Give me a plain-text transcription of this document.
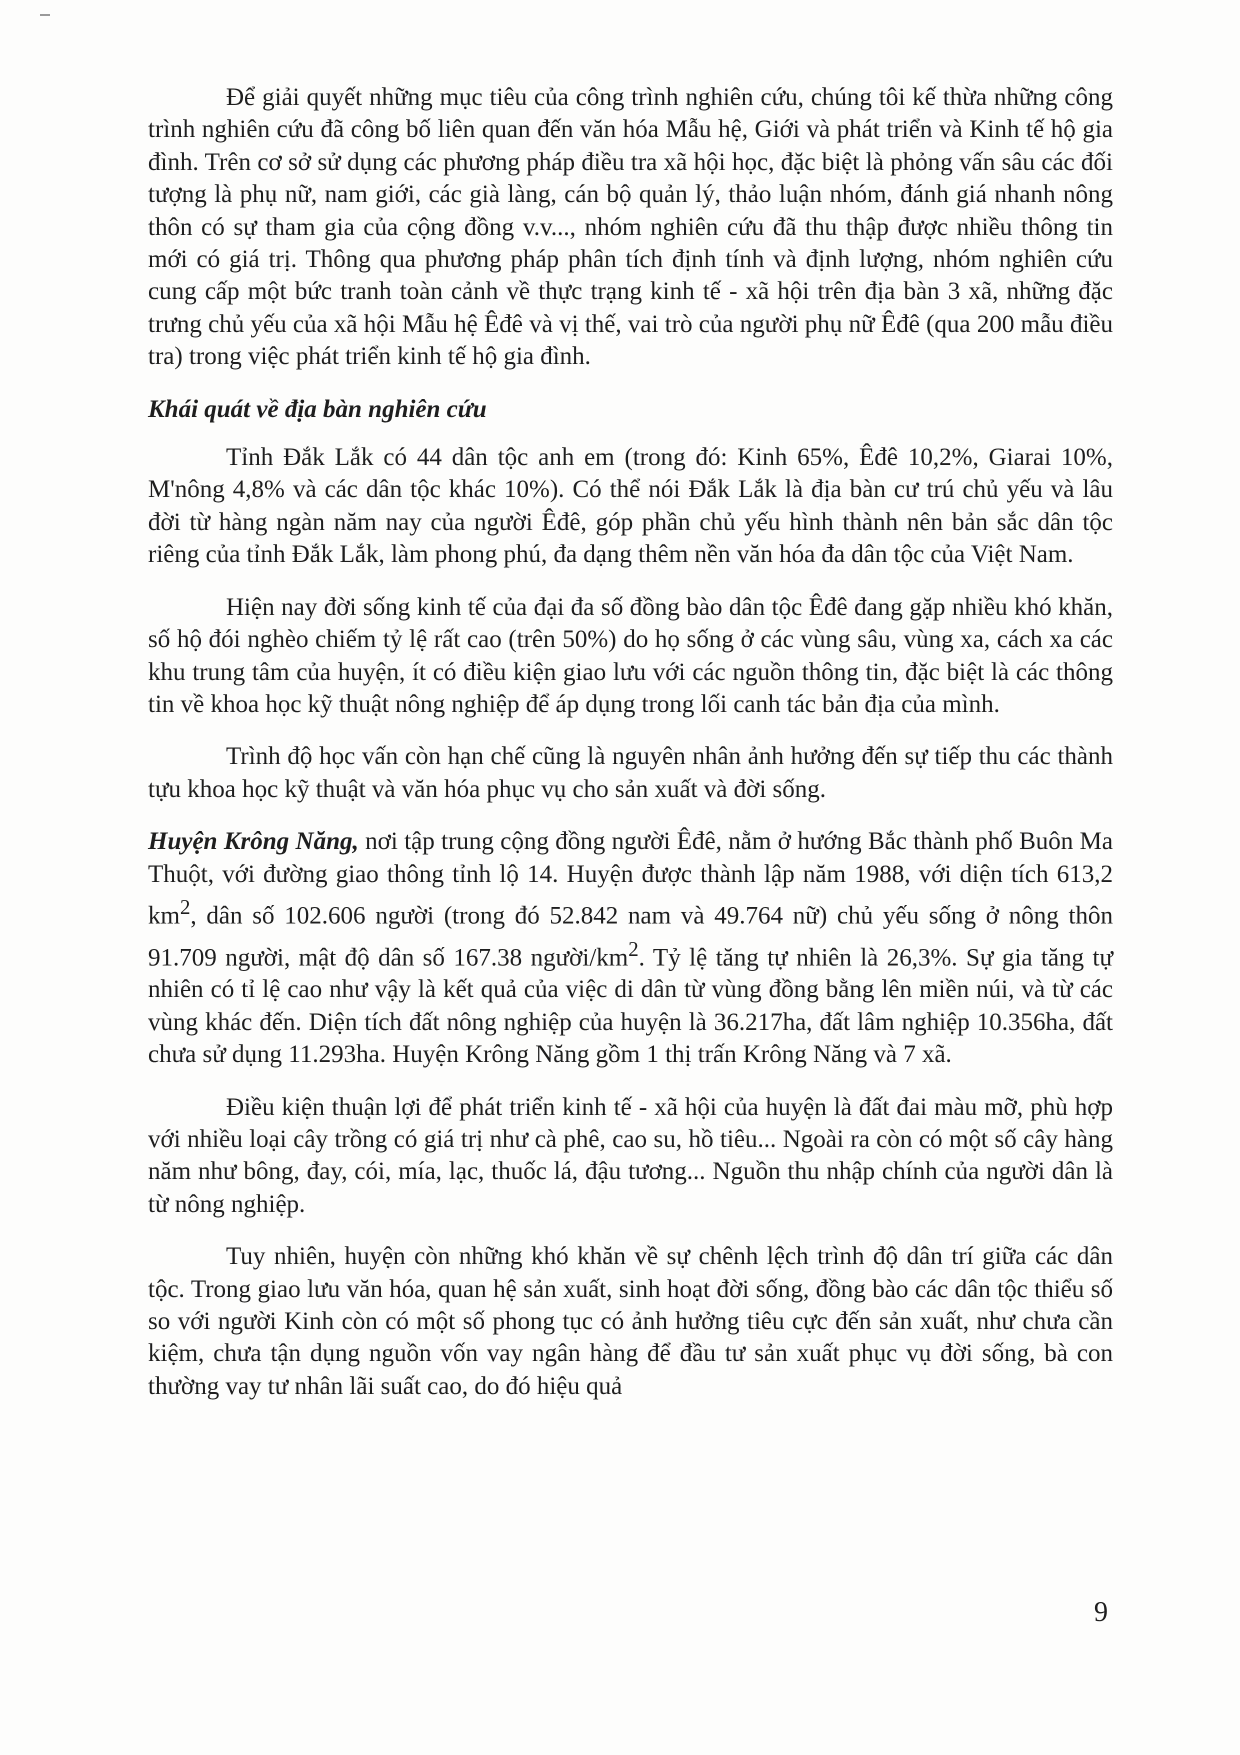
Để giải quyết những mục tiêu của công trình nghiên cứu, chúng tôi kế thừa những công trình nghiên cứu đã công bố liên quan đến văn hóa Mẫu hệ, Giới và phát triển và Kinh tế hộ gia đình. Trên cơ sở sử dụng các phương pháp điều tra xã hội học, đặc biệt là phỏng vấn sâu các đối tượng là phụ nữ, nam giới, các già làng, cán bộ quản lý, thảo luận nhóm, đánh giá nhanh nông thôn có sự tham gia của cộng đồng v.v..., nhóm nghiên cứu đã thu thập được nhiều thông tin mới có giá trị. Thông qua phương pháp phân tích định tính và định lượng, nhóm nghiên cứu cung cấp một bức tranh toàn cảnh về thực trạng kinh tế - xã hội trên địa bàn 3 xã, những đặc trưng chủ yếu của xã hội Mẫu hệ Êđê và vị thế, vai trò của người phụ nữ Êđê (qua 200 mẫu điều tra) trong việc phát triển kinh tế hộ gia đình.

Khái quát về địa bàn nghiên cứu

Tỉnh Đắk Lắk có 44 dân tộc anh em (trong đó: Kinh 65%, Êđê 10,2%, Giarai 10%, M'nông 4,8% và các dân tộc khác 10%). Có thể nói Đắk Lắk là địa bàn cư trú chủ yếu và lâu đời từ hàng ngàn năm nay của người Êđê, góp phần chủ yếu hình thành nên bản sắc dân tộc riêng của tỉnh Đắk Lắk, làm phong phú, đa dạng thêm nền văn hóa đa dân tộc của Việt Nam.

Hiện nay đời sống kinh tế của đại đa số đồng bào dân tộc Êđê đang gặp nhiều khó khăn, số hộ đói nghèo chiếm tỷ lệ rất cao (trên 50%) do họ sống ở các vùng sâu, vùng xa, cách xa các khu trung tâm của huyện, ít có điều kiện giao lưu với các nguồn thông tin, đặc biệt là các thông tin về khoa học kỹ thuật nông nghiệp để áp dụng trong lối canh tác bản địa của mình.

Trình độ học vấn còn hạn chế cũng là nguyên nhân ảnh hưởng đến sự tiếp thu các thành tựu khoa học kỹ thuật và văn hóa phục vụ cho sản xuất và đời sống.

Huyện Krông Năng, nơi tập trung cộng đồng người Êđê, nằm ở hướng Bắc thành phố Buôn Ma Thuột, với đường giao thông tỉnh lộ 14. Huyện được thành lập năm 1988, với diện tích 613,2 $km^2$, dân số 102.606 người (trong đó 52.842 nam và 49.764 nữ) chủ yếu sống ở nông thôn 91.709 người, mật độ dân số 167.38 người/$km^2$. Tỷ lệ tăng tự nhiên là 26,3%. Sự gia tăng tự nhiên có tỉ lệ cao như vậy là kết quả của việc di dân từ vùng đồng bằng lên miền núi, và từ các vùng khác đến. Diện tích đất nông nghiệp của huyện là 36.217ha, đất lâm nghiệp 10.356ha, đất chưa sử dụng 11.293ha. Huyện Krông Năng gồm 1 thị trấn Krông Năng và 7 xã.

Điều kiện thuận lợi để phát triển kinh tế - xã hội của huyện là đất đai màu mỡ, phù hợp với nhiều loại cây trồng có giá trị như cà phê, cao su, hồ tiêu... Ngoài ra còn có một số cây hàng năm như bông, đay, cói, mía, lạc, thuốc lá, đậu tương... Nguồn thu nhập chính của người dân là từ nông nghiệp.

Tuy nhiên, huyện còn những khó khăn về sự chênh lệch trình độ dân trí giữa các dân tộc. Trong giao lưu văn hóa, quan hệ sản xuất, sinh hoạt đời sống, đồng bào các dân tộc thiểu số so với người Kinh còn có một số phong tục có ảnh hưởng tiêu cực đến sản xuất, như chưa cần kiệm, chưa tận dụng nguồn vốn vay ngân hàng để đầu tư sản xuất phục vụ đời sống, bà con thường vay tư nhân lãi suất cao, do đó hiệu quả

9
